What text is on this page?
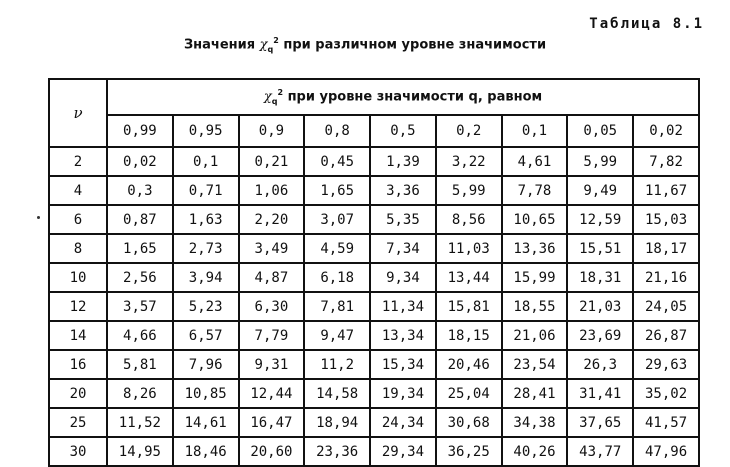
Таблица 8.1
Значения $\chi_q^2$ при различном уровне значимости
ν	$\chi_q^2$ при уровне значимости q, равном								
	0,99	0,95	0,9	0,8	0,5	0,2	0,1	0,05	0,02
2	0,02	0,1	0,21	0,45	1,39	3,22	4,61	5,99	7,82
4	0,3	0,71	1,06	1,65	3,36	5,99	7,78	9,49	11,67
6	0,87	1,63	2,20	3,07	5,35	8,56	10,65	12,59	15,03
8	1,65	2,73	3,49	4,59	7,34	11,03	13,36	15,51	18,17
10	2,56	3,94	4,87	6,18	9,34	13,44	15,99	18,31	21,16
12	3,57	5,23	6,30	7,81	11,34	15,81	18,55	21,03	24,05
14	4,66	6,57	7,79	9,47	13,34	18,15	21,06	23,69	26,87
16	5,81	7,96	9,31	11,2	15,34	20,46	23,54	26,3	29,63
20	8,26	10,85	12,44	14,58	19,34	25,04	28,41	31,41	35,02
25	11,52	14,61	16,47	18,94	24,34	30,68	34,38	37,65	41,57
30	14,95	18,46	20,60	23,36	29,34	36,25	40,26	43,77	47,96
